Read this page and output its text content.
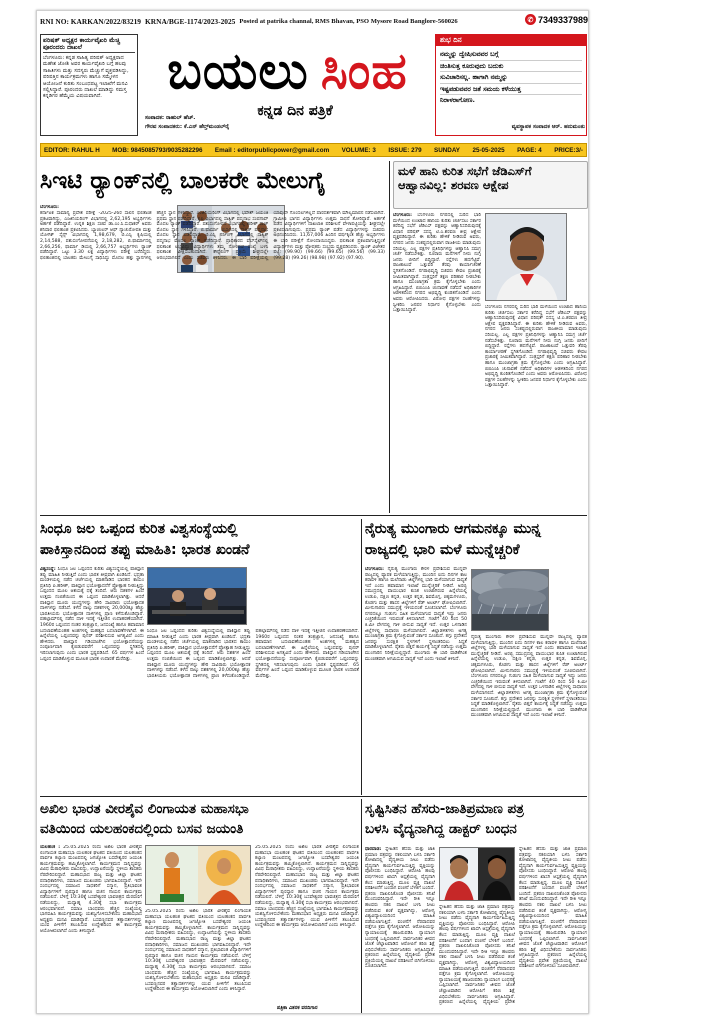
RNI NO: KARKAN/2022/83219 KRNA/BGE-1174/2023-2025 Posted at patrika channal, RMS Bhavan, PSO Mysore Road Banglore-560026	✆ 7349337989
ಪರಿಷತ್ ಅಧ್ಯಕ್ಷರ ಕಾರ್ಯವೈಖರಿ ಮೆಚ್ಚಿ ಪೂರಂದರು ದಾಖಲೆ
ಬೆಂಗಳೂರು: ಕನ್ನಡ ಸಾಹಿತ್ಯ ಪರಿಷತ್ ಅಧ್ಯಕ್ಷರಾದ ಮಹೇಶ ಜೋಶಿ ಅವರ ಕಾರ್ಯವೈಖರಿ ಬಗ್ಗೆ ಹಲವು ಸಾಹಿತಿಗಳು ಮತ್ತು ಸದಸ್ಯರು ಮೆಚ್ಚುಗೆ ವ್ಯಕ್ತಪಡಿಸಿದ್ದು, ಪರಿಷತ್ತಿನ ಕಾರ್ಯಕ್ರಮಗಳು ಹಾಗೂ ಸಮ್ಮೇಳನ ಆಯೋಜನೆ ಕುರಿತು ಸಂಬಂಧಪಟ್ಟ ಇಲಾಖೆಗೆ ಮನವಿ ಸಲ್ಲಿಸಿದ್ದಾರೆ. ಪೂರಂದರು ದಾಖಲೆ ಮಾಡಿದ್ದು ಸಮಸ್ತ ಕನ್ನಡಿಗರ ಹೆಮ್ಮೆಯ ವಿಷಯವಾಗಿದೆ.	ಬಯಲು ಸಿಂಹ
ಕನ್ನಡ ದಿನ ಪತ್ರಿಕೆ
ಸಂಪಾದಕ: ರಾಹುಲ್ ಹೆಚ್.
ಗೌರವ ಸಂಪಾದಕರು: ಕೆ.ಎನ್ ಹೆಲ್ತ್‌ಮಂಡಲ್‌ರೈ	ವ್ಯವಸ್ಥಾಪಕ ಸಂಪಾದಕ ಆರ್. ಹನುಮಂತು
ಶುಭ ದಿನ
ನಮ್ಮನ್ನು ದ್ವೇಷಿಸುವವರ ಬಗ್ಗೆ
ಚಿಂತಿಸುತ್ತ ಕೂರುವುದು ಬದುಕು
ಸುವಿಚಾರಿಸಲ್ಲ. ಹಾಗಾಗಿ ನಮ್ಮನ್ನು
ಇಷ್ಟಪಡುವವರ ಜತೆ ಸಮಯ ಕಳೆಯುತ್ತ
ನಿರಾಳರಾಗೋಣ.
EDITOR: RAHUL H MOB: 9845085793/9035282296 Email : editorpublicpower@gmail.com VOLUME: 3 ISSUE: 279 SUNDAY 25-05-2025 PAGE: 4 PRICE:3/-
ಸಿಇಟಿ ರ್‍ಯಾಂಕ್‌ನಲ್ಲಿ ಬಾಲಕರೇ ಮೇಲುಗೈ

ಬೆಂಗಳೂರು:

ಕರ್ನಾಟಕ ಸಾಮಾನ್ಯ ಪ್ರವೇಶ ಪರೀಕ್ಷೆ -2025-26ರ ಸಾಲಿನ ಫಲಿತಾಂಶ ಪ್ರಕಟವಾಗಿದ್ದು, ಎಂಜಿನಿಯರಿಂಗ್ ವಿಭಾಗದಲ್ಲಿ 2,62,195 ಅಭ್ಯರ್ಥಿಗಳು ಅರ್ಹತೆ ಪಡೆದಿದ್ದಾರೆ. ಉನ್ನತ ಶಿಕ್ಷಣ ಸಚಿವ ಡಾ.ಎಂ.ಸಿ.ಸುಧಾಕರ್ ಅವರು ಶನಿವಾರ ಫಲಿತಾಂಶ ಪ್ರಕಟಿಸಿದರು. ಬ್ಯಾಚುಲರ್ ಆಫ್ ನ್ಯಾಚುರೋಪತಿ ಮತ್ತು ಯೋಗಿಕ್ ಸೈನ್ಸ್ ವಿಭಾಗದಲ್ಲಿ 1,98,679, ಬಿ.ಎಸ್ಸಿ ಕೃಷಿಯಲ್ಲಿ 2,14,588, ಪಶುಸಂಗೋಪನೆಯಲ್ಲಿ 2,18,282, ಬಿ.ಫಾರ್ಮಾದಲ್ಲಿ 2,66,256, ಫಾರ್ಮಾ ಡಿಯಲ್ಲಿ 2,66,757 ಅಭ್ಯರ್ಥಿಗಳು ರ್‍ಯಾಂಕ್ ಪಡೆದಿದ್ದಾರೆ. ಒಟ್ಟು 3.30 ಲಕ್ಷ ವಿದ್ಯಾರ್ಥಿಗಳು ಪರೀಕ್ಷೆ ಬರೆದಿದ್ದರು. ಫಲಿತಾಂಶದಲ್ಲಿ ಬಾಲಕರು ಮೇಲುಗೈ ಸಾಧಿಸಿದ್ದು ಮೊದಲ ಹತ್ತು ಸ್ಥಾನಗಳಲ್ಲಿ ಹೆಚ್ಚಿನ ಸ್ಥಾನ ಗಳಿಸಿದ್ದಾರೆ. ಎಂಜಿನಿಯರಿಂಗ್ ವಿಭಾಗದಲ್ಲಿ ಭವೇಶ್ ಜಯಂತಿ ಪ್ರಥಮ ಸ್ಥಾನ ಪಡೆದಿದ್ದಾರೆ. ಕೃಷಿ ವಿಭಾಗದಲ್ಲಿ ಸಾತ್ವಿಕ್ ಪದ್ಮನಾಭ ಸಂಪಗಾವ್ ಮೊದಲ ರ್‍ಯಾಂಕ್ ಪಡೆದಿದ್ದಾರೆ. ಪಶುಸಂಗೋಪನೆ ವಿಭಾಗದಲ್ಲಿ ಹರೀಶ್ ರಾಜ್ ಮೊದಲ ಸ್ಥಾನ ಗಳಿಸಿದ್ದಾರೆ. ಬಿ.ಫಾರ್ಮಾ ವಿಭಾಗದಲ್ಲಿ ಸಾತ್ವಿಕ್ ಪದ್ಮನಾಭ ಮೊದಲ ಸ್ಥಾನ ಪಡೆದಿದ್ದಾರೆ. ಬಿ.ಎಸ್ಸಿ ನರ್ಸಿಂಗ್ ವಿಭಾಗದಲ್ಲಿ ಸಾತ್ವಿಕ್ ಪದ್ಮನಾಭ ಮೊದಲ ರ್‍ಯಾಂಕ್ ಪಡೆದಿದ್ದಾರೆ. ಪ್ರಾಧಿಕಾರದ ವೆಬ್‌ಸೈಟ್‌ನಲ್ಲಿ ಫಲಿತಾಂಶ ಲಭ್ಯವಿದ್ದು ವಿದ್ಯಾರ್ಥಿಗಳು ತಮ್ಮ ನೋಂದಣಿ ಸಂಖ್ಯೆ ಬಳಸಿ ಫಲಿತಾಂಶ ವೀಕ್ಷಿಸಬಹುದಾಗಿದೆ. ಕೌನ್ಸೆಲಿಂಗ್ ಪ್ರಕ್ರಿಯೆ ಶೀಘ್ರದಲ್ಲೇ ಆರಂಭವಾಗಲಿದೆ ಎಂದು ಸಚಿವರು ತಿಳಿಸಿದರು. ಈ ಬಾರಿ ಪರೀಕ್ಷೆಯಲ್ಲಿ ಯಾವುದೇ ಗೊಂದಲಗಳಿಲ್ಲದೆ ಪಾರದರ್ಶಕವಾಗಿ ಮೌಲ್ಯಮಾಪನ ನಡೆಸಲಾಗಿದೆ. ಗ್ರಾಮೀಣ ಭಾಗದ ವಿದ್ಯಾರ್ಥಿಗಳು ಉತ್ತಮ ಸಾಧನೆ ತೋರಿದ್ದಾರೆ. ಅರ್ಹತೆ ಪಡೆದ ವಿದ್ಯಾರ್ಥಿಗಳಿಗೆ ದಾಖಲಾತಿ ಪರಿಶೀಲನೆ ವೇಳಾಪಟ್ಟಿಯನ್ನು ಶೀಘ್ರದಲ್ಲೇ ಪ್ರಕಟಿಸಲಾಗುವುದು. ಪ್ರಥಮ ರ್‍ಯಾಂಕ್ ಪಡೆದ ವಿದ್ಯಾರ್ಥಿಗಳನ್ನು ಸಚಿವರು ಅಭಿನಂದಿಸಿದರು. 11,67,006 ಹಿಂದಿನ ವರ್ಷಕ್ಕಿಂತ ಹೆಚ್ಚು ಅಭ್ಯರ್ಥಿಗಳು ಈ ಬಾರಿ ಪರೀಕ್ಷೆಗೆ ನೋಂದಾಯಿಸಿದ್ದರು. ಫಲಿತಾಂಶ ಪ್ರಕಟವಾಗುತ್ತಿದ್ದಂತೆ ವಿದ್ಯಾರ್ಥಿಗಳು ಮತ್ತು ಪೋಷಕರು ಸಂಭ್ರಮ ವ್ಯಕ್ತಪಡಿಸಿದರು. ರ್‍ಯಾಂಕ್ ವಿಜೇತರ ಪಟ್ಟಿ: (99.90) (99.66) (99.65) (99.56) (99.33) (99.28) (99.26) (98.98) (97.92) (97.90).

ಮಳೆ ಹಾನಿ ಕುರಿತ ಸಭೆಗೆ ಜೆಡಿಎಸ್‌ಗೆ ಆಹ್ವಾನವಿಲ್ಲ: ಶರವಣ ಆಕ್ಷೇಪ

ಬೆಂಗಳೂರು: ಬೆಂಗಳೂರು ನಗರದಲ್ಲಿ ಸುರಿದ ಭಾರಿ ಮಳೆಯಿಂದ ಉಂಟಾದ ಹಾನಿಯ ಕುರಿತು ಚರ್ಚಿಸಲು ಸರ್ಕಾರ ಕರೆದಿದ್ದ ಸಭೆಗೆ ಜೆಡಿಎಸ್ ಪಕ್ಷವನ್ನು ಆಹ್ವಾನಿಸದಿರುವುದಕ್ಕೆ ವಿಧಾನ ಪರಿಷತ್ ಸದಸ್ಯ ಟಿ.ಎ.ಶರವಣ ತೀವ್ರ ಆಕ್ಷೇಪ ವ್ಯಕ್ತಪಡಿಸಿದ್ದಾರೆ. ಈ ಕುರಿತು ಹೇಳಿಕೆ ನೀಡಿರುವ ಅವರು, ನಗರದ ಜನರು ಸಂಕಷ್ಟದಲ್ಲಿರುವಾಗ ರಾಜಕೀಯ ಮಾಡುವುದು ಸರಿಯಲ್ಲ. ಎಲ್ಲ ಪಕ್ಷಗಳ ಪ್ರತಿನಿಧಿಗಳನ್ನು ಆಹ್ವಾನಿಸಿ ಸಮಗ್ರ ಚರ್ಚೆ ನಡೆಸಬೇಕಿತ್ತು. ನೂರಾರು ಮನೆಗಳಿಗೆ ನೀರು ನುಗ್ಗಿ ಜನರು ಬೀದಿಗೆ ಬಿದ್ದಿದ್ದಾರೆ. ರಸ್ತೆಗಳು ಹದಗೆಟ್ಟಿವೆ. ರಾಜಕಾಲುವೆ ಒತ್ತುವರಿ ತೆರವು ಕಾರ್ಯಾಚರಣೆ ಸ್ಥಗಿತಗೊಂಡಿದೆ. ನಗರಾಭಿವೃದ್ಧಿ ಸಚಿವರು ಕೇವಲ ಪ್ರಚಾರಕ್ಕೆ ಸೀಮಿತವಾಗಿದ್ದಾರೆ. ಸಂತ್ರಸ್ತರಿಗೆ ತಕ್ಷಣ ಪರಿಹಾರ ನೀಡಬೇಕು ಹಾಗೂ ಮುಂಜಾಗ್ರತಾ ಕ್ರಮ ಕೈಗೊಳ್ಳಬೇಕು ಎಂದು ಆಗ್ರಹಿಸಿದ್ದಾರೆ. ಬಿಬಿಎಂಪಿ ಚುನಾವಣೆ ನಡೆಸದೆ ಅಧಿಕಾರಿಗಳ ಆಡಳಿತದಿಂದ ನಗರದ ಅಭಿವೃದ್ಧಿ ಕುಂಠಿತಗೊಂಡಿದೆ ಎಂದು ಅವರು ಆರೋಪಿಸಿದರು. ವಿರೋಧ ಪಕ್ಷಗಳ ಸಲಹೆಗಳನ್ನು ಸ್ವೀಕರಿಸಿ ಜನಪರ ನಿರ್ಧಾರ ಕೈಗೊಳ್ಳಬೇಕು ಎಂದು ಒತ್ತಾಯಿಸಿದ್ದಾರೆ.

ಬೆಂಗಳೂರು ನಗರದಲ್ಲಿ ಸುರಿದ ಭಾರಿ ಮಳೆಯಿಂದ ಉಂಟಾದ ಹಾನಿಯ ಕುರಿತು ಚರ್ಚಿಸಲು ಸರ್ಕಾರ ಕರೆದಿದ್ದ ಸಭೆಗೆ ಜೆಡಿಎಸ್ ಪಕ್ಷವನ್ನು ಆಹ್ವಾನಿಸದಿರುವುದಕ್ಕೆ ವಿಧಾನ ಪರಿಷತ್ ಸದಸ್ಯ ಟಿ.ಎ.ಶರವಣ ತೀವ್ರ ಆಕ್ಷೇಪ ವ್ಯಕ್ತಪಡಿಸಿದ್ದಾರೆ. ಈ ಕುರಿತು ಹೇಳಿಕೆ ನೀಡಿರುವ ಅವರು, ನಗರದ ಜನರು ಸಂಕಷ್ಟದಲ್ಲಿರುವಾಗ ರಾಜಕೀಯ ಮಾಡುವುದು ಸರಿಯಲ್ಲ. ಎಲ್ಲ ಪಕ್ಷಗಳ ಪ್ರತಿನಿಧಿಗಳನ್ನು ಆಹ್ವಾನಿಸಿ ಸಮಗ್ರ ಚರ್ಚೆ ನಡೆಸಬೇಕಿತ್ತು. ನೂರಾರು ಮನೆಗಳಿಗೆ ನೀರು ನುಗ್ಗಿ ಜನರು ಬೀದಿಗೆ ಬಿದ್ದಿದ್ದಾರೆ. ರಸ್ತೆಗಳು ಹದಗೆಟ್ಟಿವೆ. ರಾಜಕಾಲುವೆ ಒತ್ತುವರಿ ತೆರವು ಕಾರ್ಯಾಚರಣೆ ಸ್ಥಗಿತಗೊಂಡಿದೆ. ನಗರಾಭಿವೃದ್ಧಿ ಸಚಿವರು ಕೇವಲ ಪ್ರಚಾರಕ್ಕೆ ಸೀಮಿತವಾಗಿದ್ದಾರೆ. ಸಂತ್ರಸ್ತರಿಗೆ ತಕ್ಷಣ ಪರಿಹಾರ ನೀಡಬೇಕು ಹಾಗೂ ಮುಂಜಾಗ್ರತಾ ಕ್ರಮ ಕೈಗೊಳ್ಳಬೇಕು ಎಂದು ಆಗ್ರಹಿಸಿದ್ದಾರೆ. ಬಿಬಿಎಂಪಿ ಚುನಾವಣೆ ನಡೆಸದೆ ಅಧಿಕಾರಿಗಳ ಆಡಳಿತದಿಂದ ನಗರದ ಅಭಿವೃದ್ಧಿ ಕುಂಠಿತಗೊಂಡಿದೆ ಎಂದು ಅವರು ಆರೋಪಿಸಿದರು. ವಿರೋಧ ಪಕ್ಷಗಳ ಸಲಹೆಗಳನ್ನು ಸ್ವೀಕರಿಸಿ ಜನಪರ ನಿರ್ಧಾರ ಕೈಗೊಳ್ಳಬೇಕು ಎಂದು ಒತ್ತಾಯಿಸಿದ್ದಾರೆ.

ಸಿಂಧೂ ಜಲ ಒಪ್ಪಂದ ಕುರಿತ ವಿಶ್ವಸಂಸ್ಥೆಯಲ್ಲಿ
ಪಾಕಿಸ್ತಾನದಿಂದ ತಪ್ಪು ಮಾಹಿತಿ: ಭಾರತ ಖಂಡನೆ

ವಿಶ್ವಸಂಸ್ಥೆ: ಸಿಂಧೂ ಜಲ ಒಪ್ಪಂದದ ಕುರಿತು ವಿಶ್ವಸಂಸ್ಥೆಯಲ್ಲಿ ಪಾಕಿಸ್ತಾನ ತಪ್ಪು ಮಾಹಿತಿ ನೀಡುತ್ತಿದೆ ಎಂದು ಭಾರತ ತೀವ್ರವಾಗಿ ಖಂಡಿಸಿದೆ. ಭದ್ರತಾ ಮಂಡಳಿಯಲ್ಲಿ ನಡೆದ ಚರ್ಚೆಯಲ್ಲಿ ಮಾತನಾಡಿದ ಭಾರತದ ಕಾಯಂ ಪ್ರತಿನಿಧಿ ಪಿ.ಹರೀಶ್, ಪಾಕಿಸ್ತಾನ ಭಯೋತ್ಪಾದನೆಗೆ ಪ್ರೋತ್ಸಾಹ ನೀಡುತ್ತಿದ್ದು ಒಪ್ಪಂದದ ಮೂಲ ಆಶಯಕ್ಕೆ ಧಕ್ಕೆ ತಂದಿದೆ. ಆರು ದಶಕಗಳ ಹಿಂದೆ ಉತ್ತಮ ನಂಬಿಕೆಯಿಂದ ಈ ಒಪ್ಪಂದ ಮಾಡಿಕೊಳ್ಳಲಾಗಿತ್ತು. ಆದರೆ ಪಾಕಿಸ್ತಾನ ಮೂರು ಯುದ್ಧಗಳನ್ನು ಹೇರಿ ಸಾವಿರಾರು ಭಯೋತ್ಪಾದಕ ದಾಳಿಗಳನ್ನು ನಡೆಸಿದೆ. ಕಳೆದ ನಾಲ್ಕು ದಶಕಗಳಲ್ಲಿ 20,000ಕ್ಕೂ ಹೆಚ್ಚು ಭಾರತೀಯರು ಭಯೋತ್ಪಾದಕ ದಾಳಿಗಳಲ್ಲಿ ಪ್ರಾಣ ಕಳೆದುಕೊಂಡಿದ್ದಾರೆ. ಪಹಲ್ಗಾಮ್‌ನಲ್ಲಿ ನಡೆದ ದಾಳಿ ಇದಕ್ಕೆ ಇತ್ತೀಚಿನ ಉದಾಹರಣೆಯಾಗಿದೆ. 1960ರ ಒಪ್ಪಂದದ ನಂತರ ತಂತ್ರಜ್ಞಾನ, ಜನಸಂಖ್ಯೆ ಹಾಗೂ ಹವಾಮಾನ ಬದಲಾವಣೆಯಂತಹ ಅಂಶಗಳಲ್ಲಿ ಮಹತ್ವದ ಬದಲಾವಣೆಗಳಾಗಿವೆ. ಈ ಹಿನ್ನೆಲೆಯಲ್ಲಿ ಒಪ್ಪಂದವನ್ನು ಪುನರ್ ಪರಿಶೀಲಿಸುವ ಅಗತ್ಯವಿದೆ ಎಂದು ಹೇಳಿದರು. ಪಾಕಿಸ್ತಾನ ಗಡಿಯಾಚೆಗಿನ ಭಯೋತ್ಪಾದನೆಯನ್ನು ಸಂಪೂರ್ಣವಾಗಿ ಕೈಬಿಡುವವರೆಗೆ ಒಪ್ಪಂದವನ್ನು ಸ್ಥಗಿತದಲ್ಲಿ ಇರಿಸಲಾಗುವುದು ಎಂದು ಭಾರತ ಸ್ಪಷ್ಟಪಡಿಸಿದೆ. 65 ವರ್ಷಗಳ ಹಿಂದೆ ಒಪ್ಪಂದ ಮಾಡಿಕೊಳ್ಳುವ ಮೂಲಕ ಭಾರತ ಉದಾರತೆ ಮೆರೆದಿತ್ತು.

ಸಿಂಧೂ ಜಲ ಒಪ್ಪಂದದ ಕುರಿತು ವಿಶ್ವಸಂಸ್ಥೆಯಲ್ಲಿ ಪಾಕಿಸ್ತಾನ ತಪ್ಪು ಮಾಹಿತಿ ನೀಡುತ್ತಿದೆ ಎಂದು ಭಾರತ ತೀವ್ರವಾಗಿ ಖಂಡಿಸಿದೆ. ಭದ್ರತಾ ಮಂಡಳಿಯಲ್ಲಿ ನಡೆದ ಚರ್ಚೆಯಲ್ಲಿ ಮಾತನಾಡಿದ ಭಾರತದ ಕಾಯಂ ಪ್ರತಿನಿಧಿ ಪಿ.ಹರೀಶ್, ಪಾಕಿಸ್ತಾನ ಭಯೋತ್ಪಾದನೆಗೆ ಪ್ರೋತ್ಸಾಹ ನೀಡುತ್ತಿದ್ದು ಒಪ್ಪಂದದ ಮೂಲ ಆಶಯಕ್ಕೆ ಧಕ್ಕೆ ತಂದಿದೆ. ಆರು ದಶಕಗಳ ಹಿಂದೆ ಉತ್ತಮ ನಂಬಿಕೆಯಿಂದ ಈ ಒಪ್ಪಂದ ಮಾಡಿಕೊಳ್ಳಲಾಗಿತ್ತು. ಆದರೆ ಪಾಕಿಸ್ತಾನ ಮೂರು ಯುದ್ಧಗಳನ್ನು ಹೇರಿ ಸಾವಿರಾರು ಭಯೋತ್ಪಾದಕ ದಾಳಿಗಳನ್ನು ನಡೆಸಿದೆ. ಕಳೆದ ನಾಲ್ಕು ದಶಕಗಳಲ್ಲಿ 20,000ಕ್ಕೂ ಹೆಚ್ಚು ಭಾರತೀಯರು ಭಯೋತ್ಪಾದಕ ದಾಳಿಗಳಲ್ಲಿ ಪ್ರಾಣ ಕಳೆದುಕೊಂಡಿದ್ದಾರೆ. ಪಹಲ್ಗಾಮ್‌ನಲ್ಲಿ ನಡೆದ ದಾಳಿ ಇದಕ್ಕೆ ಇತ್ತೀಚಿನ ಉದಾಹರಣೆಯಾಗಿದೆ. 1960ರ ಒಪ್ಪಂದದ ನಂತರ ತಂತ್ರಜ್ಞಾನ, ಜನಸಂಖ್ಯೆ ಹಾಗೂ ಹವಾಮಾನ ಬದಲಾವಣೆಯಂತಹ ಅಂಶಗಳಲ್ಲಿ ಮಹತ್ವದ ಬದಲಾವಣೆಗಳಾಗಿವೆ. ಈ ಹಿನ್ನೆಲೆಯಲ್ಲಿ ಒಪ್ಪಂದವನ್ನು ಪುನರ್ ಪರಿಶೀಲಿಸುವ ಅಗತ್ಯವಿದೆ ಎಂದು ಹೇಳಿದರು. ಪಾಕಿಸ್ತಾನ ಗಡಿಯಾಚೆಗಿನ ಭಯೋತ್ಪಾದನೆಯನ್ನು ಸಂಪೂರ್ಣವಾಗಿ ಕೈಬಿಡುವವರೆಗೆ ಒಪ್ಪಂದವನ್ನು ಸ್ಥಗಿತದಲ್ಲಿ ಇರಿಸಲಾಗುವುದು ಎಂದು ಭಾರತ ಸ್ಪಷ್ಟಪಡಿಸಿದೆ. 65 ವರ್ಷಗಳ ಹಿಂದೆ ಒಪ್ಪಂದ ಮಾಡಿಕೊಳ್ಳುವ ಮೂಲಕ ಭಾರತ ಉದಾರತೆ ಮೆರೆದಿತ್ತು.

ನೈರುತ್ಯ ಮುಂಗಾರು ಆಗಮನಕ್ಕೂ ಮುನ್ನ
ರಾಜ್ಯದಲ್ಲಿ ಭಾರಿ ಮಳೆ ಮುನ್ನೆಚ್ಚರಿಕೆ

ಬೆಂಗಳೂರು: ನೈರುತ್ಯ ಮುಂಗಾರು ಕೇರಳ ಪ್ರವೇಶಿಸುವ ಮುನ್ನವೇ ರಾಜ್ಯದಲ್ಲಿ ವ್ಯಾಪಕ ಮಳೆಯಾಗುತ್ತಿದ್ದು, ಮುಂದಿನ ಐದು ದಿನಗಳ ಕಾಲ ಕರಾವಳಿ ಹಾಗೂ ಮಲೆನಾಡು ಜಿಲ್ಲೆಗಳಲ್ಲಿ ಭಾರಿ ಮಳೆಯಾಗುವ ಸಾಧ್ಯತೆ ಇದೆ ಎಂದು ಹವಾಮಾನ ಇಲಾಖೆ ಮುನ್ನೆಚ್ಚರಿಕೆ ನೀಡಿದೆ. ಅರಬ್ಬಿ ಸಮುದ್ರದಲ್ಲಿ ವಾಯುಭಾರ ಕುಸಿತ ಉಂಟಾಗಿರುವ ಹಿನ್ನೆಲೆಯಲ್ಲಿ ಉಡುಪಿ, ದಕ್ಷಿಣ ಕನ್ನಡ, ಉತ್ತರ ಕನ್ನಡ, ಶಿವಮೊಗ್ಗ, ಚಿಕ್ಕಮಗಳೂರು, ಕೊಡಗು ಮತ್ತು ಹಾಸನ ಜಿಲ್ಲೆಗಳಿಗೆ ರೆಡ್ ಅಲರ್ಟ್ ಘೋಷಿಸಲಾಗಿದೆ. ಮೀನುಗಾರರು ಸಮುದ್ರಕ್ಕೆ ಇಳಿಯದಂತೆ ಸೂಚಿಸಲಾಗಿದೆ. ಬೆಂಗಳೂರು ನಗರದಲ್ಲೂ ಗುಡುಗು ಸಹಿತ ಮಳೆಯಾಗುವ ಸಾಧ್ಯತೆ ಇದ್ದು ಜನರು ಎಚ್ಚರಿಕೆಯಿಂದ ಇರುವಂತೆ ತಿಳಿಸಲಾಗಿದೆ. ಗಂಟೆಗೆ 40 ರಿಂದ 50 ಕಿ.ಮೀ ವೇಗದಲ್ಲಿ ಗಾಳಿ ಬೀಸುವ ಸಾಧ್ಯತೆ ಇದೆ. ಉತ್ತರ ಒಳನಾಡಿನ ಜಿಲ್ಲೆಗಳಲ್ಲಿ ಸಾಧಾರಣ ಮಳೆಯಾಗಲಿದೆ. ಜಿಲ್ಲಾಡಳಿತಗಳು ಅಗತ್ಯ ಮುಂಜಾಗ್ರತಾ ಕ್ರಮ ಕೈಗೊಳ್ಳುವಂತೆ ಸರ್ಕಾರ ಸೂಚಿಸಿದೆ. ತಗ್ಗು ಪ್ರದೇಶದ ಜನರನ್ನು ಸುರಕ್ಷಿತ ಸ್ಥಳಗಳಿಗೆ ಸ್ಥಳಾಂತರಿಸಲು ಸಿದ್ಧತೆ ಮಾಡಿಕೊಳ್ಳಲಾಗಿದೆ. ರೈತರು ಬಿತ್ತನೆ ಕಾರ್ಯಕ್ಕೆ ಸಿದ್ಧತೆ ನಡೆಸಿದ್ದು ಉತ್ತಮ ಮುಂಗಾರಿನ ನಿರೀಕ್ಷೆಯಲ್ಲಿದ್ದಾರೆ. ಮುಂಗಾರು ಈ ಬಾರಿ ವಾಡಿಕೆಗಿಂತ ಮುಂಚಿತವಾಗಿ ಆಗಮಿಸುವ ಸಾಧ್ಯತೆ ಇದೆ ಎಂದು ಇಲಾಖೆ ತಿಳಿಸಿದೆ.

ನೈರುತ್ಯ ಮುಂಗಾರು ಕೇರಳ ಪ್ರವೇಶಿಸುವ ಮುನ್ನವೇ ರಾಜ್ಯದಲ್ಲಿ ವ್ಯಾಪಕ ಮಳೆಯಾಗುತ್ತಿದ್ದು, ಮುಂದಿನ ಐದು ದಿನಗಳ ಕಾಲ ಕರಾವಳಿ ಹಾಗೂ ಮಲೆನಾಡು ಜಿಲ್ಲೆಗಳಲ್ಲಿ ಭಾರಿ ಮಳೆಯಾಗುವ ಸಾಧ್ಯತೆ ಇದೆ ಎಂದು ಹವಾಮಾನ ಇಲಾಖೆ ಮುನ್ನೆಚ್ಚರಿಕೆ ನೀಡಿದೆ. ಅರಬ್ಬಿ ಸಮುದ್ರದಲ್ಲಿ ವಾಯುಭಾರ ಕುಸಿತ ಉಂಟಾಗಿರುವ ಹಿನ್ನೆಲೆಯಲ್ಲಿ ಉಡುಪಿ, ದಕ್ಷಿಣ ಕನ್ನಡ, ಉತ್ತರ ಕನ್ನಡ, ಶಿವಮೊಗ್ಗ, ಚಿಕ್ಕಮಗಳೂರು, ಕೊಡಗು ಮತ್ತು ಹಾಸನ ಜಿಲ್ಲೆಗಳಿಗೆ ರೆಡ್ ಅಲರ್ಟ್ ಘೋಷಿಸಲಾಗಿದೆ. ಮೀನುಗಾರರು ಸಮುದ್ರಕ್ಕೆ ಇಳಿಯದಂತೆ ಸೂಚಿಸಲಾಗಿದೆ. ಬೆಂಗಳೂರು ನಗರದಲ್ಲೂ ಗುಡುಗು ಸಹಿತ ಮಳೆಯಾಗುವ ಸಾಧ್ಯತೆ ಇದ್ದು ಜನರು ಎಚ್ಚರಿಕೆಯಿಂದ ಇರುವಂತೆ ತಿಳಿಸಲಾಗಿದೆ. ಗಂಟೆಗೆ 40 ರಿಂದ 50 ಕಿ.ಮೀ ವೇಗದಲ್ಲಿ ಗಾಳಿ ಬೀಸುವ ಸಾಧ್ಯತೆ ಇದೆ. ಉತ್ತರ ಒಳನಾಡಿನ ಜಿಲ್ಲೆಗಳಲ್ಲಿ ಸಾಧಾರಣ ಮಳೆಯಾಗಲಿದೆ. ಜಿಲ್ಲಾಡಳಿತಗಳು ಅಗತ್ಯ ಮುಂಜಾಗ್ರತಾ ಕ್ರಮ ಕೈಗೊಳ್ಳುವಂತೆ ಸರ್ಕಾರ ಸೂಚಿಸಿದೆ. ತಗ್ಗು ಪ್ರದೇಶದ ಜನರನ್ನು ಸುರಕ್ಷಿತ ಸ್ಥಳಗಳಿಗೆ ಸ್ಥಳಾಂತರಿಸಲು ಸಿದ್ಧತೆ ಮಾಡಿಕೊಳ್ಳಲಾಗಿದೆ. ರೈತರು ಬಿತ್ತನೆ ಕಾರ್ಯಕ್ಕೆ ಸಿದ್ಧತೆ ನಡೆಸಿದ್ದು ಉತ್ತಮ ಮುಂಗಾರಿನ ನಿರೀಕ್ಷೆಯಲ್ಲಿದ್ದಾರೆ. ಮುಂಗಾರು ಈ ಬಾರಿ ವಾಡಿಕೆಗಿಂತ ಮುಂಚಿತವಾಗಿ ಆಗಮಿಸುವ ಸಾಧ್ಯತೆ ಇದೆ ಎಂದು ಇಲಾಖೆ ತಿಳಿಸಿದೆ.

ಅಖಿಲ ಭಾರತ ವೀರಶೈವ ಲಿಂಗಾಯತ ಮಹಾಸಭಾ
ವತಿಯಿಂದ ಯಲಹಂಕದಲ್ಲಿಂದು ಬಸವ ಜಯಂತಿ

ಯಲಹಂಕ : 25.05.2025 ರಂದು ಅಖಿಲ ಭಾರತ ವೀರಶೈವ ಲಿಂಗಾಯತ ಮಹಾಸಭಾ ಯಲಹಂಕ ಘಟಕದ ವತಿಯಿಂದ ಯಲಹಂಕದ ಪಾರ್ವತಿ ಕಲ್ಯಾಣ ಮಂಟಪದಲ್ಲಿ ಜಗಜ್ಯೋತಿ ಬಸವೇಶ್ವರರ ಜಯಂತಿ ಕಾರ್ಯಕ್ರಮವನ್ನು ಹಮ್ಮಿಕೊಳ್ಳಲಾಗಿದೆ. ಕಾರ್ಯಕ್ರಮದ ಸಾನ್ನಿಧ್ಯವನ್ನು ವಿವಿಧ ಮಠಾಧೀಶರು ವಹಿಸಲಿದ್ದು, ಉದ್ಘಾಟನೆಯನ್ನು ಸ್ಥಳೀಯ ಶಾಸಕರು ನೆರವೇರಿಸಲಿದ್ದಾರೆ. ಮಹಾಸಭಾದ ರಾಜ್ಯ ಮತ್ತು ಜಿಲ್ಲಾ ಘಟಕದ ಪದಾಧಿಕಾರಿಗಳು, ಸಮಾಜದ ಮುಖಂಡರು ಭಾಗವಹಿಸಲಿದ್ದಾರೆ. ಇದೇ ಸಂದರ್ಭದಲ್ಲಿ ಸಮಾಜದ ಸಾಧಕರಿಗೆ ಸನ್ಮಾನ, ಪ್ರತಿಭಾವಂತ ವಿದ್ಯಾರ್ಥಿಗಳಿಗೆ ಪುರಸ್ಕಾರ ಹಾಗೂ ವಚನ ಗಾಯನ ಕಾರ್ಯಕ್ರಮ ನಡೆಯಲಿದೆ. ಬೆಳಿಗ್ಗೆ 10:30ಕ್ಕೆ ಬಸವೇಶ್ವರರ ಭಾವಚಿತ್ರದ ಮೆರವಣಿಗೆ ನಡೆಯಲಿದ್ದು, ಮಧ್ಯಾಹ್ನ 4.30ಕ್ಕೆ ಸಭಾ ಕಾರ್ಯಕ್ರಮ ಆರಂಭವಾಗಲಿದೆ. ಸಮಾಜ ಬಾಂಧವರು ಹೆಚ್ಚಿನ ಸಂಖ್ಯೆಯಲ್ಲಿ ಭಾಗವಹಿಸಿ ಕಾರ್ಯಕ್ರಮವನ್ನು ಯಶಸ್ವಿಗೊಳಿಸಬೇಕೆಂದು ಮಹಾಸಭಾದ ಅಧ್ಯಕ್ಷರು ಮನವಿ ಮಾಡಿದ್ದಾರೆ. ಬಸವಣ್ಣನವರ ತತ್ವಾದರ್ಶಗಳನ್ನು ಯುವ ಪೀಳಿಗೆಗೆ ತಲುಪಿಸುವ ಉದ್ದೇಶದಿಂದ ಈ ಕಾರ್ಯಕ್ರಮ ಆಯೋಜಿಸಲಾಗಿದೆ ಎಂದು ತಿಳಿಸಿದ್ದಾರೆ.

25.05.2025 ರಂದು ಅಖಿಲ ಭಾರತ ವೀರಶೈವ ಲಿಂಗಾಯತ ಮಹಾಸಭಾ ಯಲಹಂಕ ಘಟಕದ ವತಿಯಿಂದ ಯಲಹಂಕದ ಪಾರ್ವತಿ ಕಲ್ಯಾಣ ಮಂಟಪದಲ್ಲಿ ಜಗಜ್ಯೋತಿ ಬಸವೇಶ್ವರರ ಜಯಂತಿ ಕಾರ್ಯಕ್ರಮವನ್ನು ಹಮ್ಮಿಕೊಳ್ಳಲಾಗಿದೆ. ಕಾರ್ಯಕ್ರಮದ ಸಾನ್ನಿಧ್ಯವನ್ನು ವಿವಿಧ ಮಠಾಧೀಶರು ವಹಿಸಲಿದ್ದು, ಉದ್ಘಾಟನೆಯನ್ನು ಸ್ಥಳೀಯ ಶಾಸಕರು ನೆರವೇರಿಸಲಿದ್ದಾರೆ. ಮಹಾಸಭಾದ ರಾಜ್ಯ ಮತ್ತು ಜಿಲ್ಲಾ ಘಟಕದ ಪದಾಧಿಕಾರಿಗಳು, ಸಮಾಜದ ಮುಖಂಡರು ಭಾಗವಹಿಸಲಿದ್ದಾರೆ. ಇದೇ ಸಂದರ್ಭದಲ್ಲಿ ಸಮಾಜದ ಸಾಧಕರಿಗೆ ಸನ್ಮಾನ, ಪ್ರತಿಭಾವಂತ ವಿದ್ಯಾರ್ಥಿಗಳಿಗೆ ಪುರಸ್ಕಾರ ಹಾಗೂ ವಚನ ಗಾಯನ ಕಾರ್ಯಕ್ರಮ ನಡೆಯಲಿದೆ. ಬೆಳಿಗ್ಗೆ 10:30ಕ್ಕೆ ಬಸವೇಶ್ವರರ ಭಾವಚಿತ್ರದ ಮೆರವಣಿಗೆ ನಡೆಯಲಿದ್ದು, ಮಧ್ಯಾಹ್ನ 4.30ಕ್ಕೆ ಸಭಾ ಕಾರ್ಯಕ್ರಮ ಆರಂಭವಾಗಲಿದೆ. ಸಮಾಜ ಬಾಂಧವರು ಹೆಚ್ಚಿನ ಸಂಖ್ಯೆಯಲ್ಲಿ ಭಾಗವಹಿಸಿ ಕಾರ್ಯಕ್ರಮವನ್ನು ಯಶಸ್ವಿಗೊಳಿಸಬೇಕೆಂದು ಮಹಾಸಭಾದ ಅಧ್ಯಕ್ಷರು ಮನವಿ ಮಾಡಿದ್ದಾರೆ. ಬಸವಣ್ಣನವರ ತತ್ವಾದರ್ಶಗಳನ್ನು ಯುವ ಪೀಳಿಗೆಗೆ ತಲುಪಿಸುವ ಉದ್ದೇಶದಿಂದ ಈ ಕಾರ್ಯಕ್ರಮ ಆಯೋಜಿಸಲಾಗಿದೆ ಎಂದು ತಿಳಿಸಿದ್ದಾರೆ.

25.05.2025 ರಂದು ಅಖಿಲ ಭಾರತ ವೀರಶೈವ ಲಿಂಗಾಯತ ಮಹಾಸಭಾ ಯಲಹಂಕ ಘಟಕದ ವತಿಯಿಂದ ಯಲಹಂಕದ ಪಾರ್ವತಿ ಕಲ್ಯಾಣ ಮಂಟಪದಲ್ಲಿ ಜಗಜ್ಯೋತಿ ಬಸವೇಶ್ವರರ ಜಯಂತಿ ಕಾರ್ಯಕ್ರಮವನ್ನು ಹಮ್ಮಿಕೊಳ್ಳಲಾಗಿದೆ. ಕಾರ್ಯಕ್ರಮದ ಸಾನ್ನಿಧ್ಯವನ್ನು ವಿವಿಧ ಮಠಾಧೀಶರು ವಹಿಸಲಿದ್ದು, ಉದ್ಘಾಟನೆಯನ್ನು ಸ್ಥಳೀಯ ಶಾಸಕರು ನೆರವೇರಿಸಲಿದ್ದಾರೆ. ಮಹಾಸಭಾದ ರಾಜ್ಯ ಮತ್ತು ಜಿಲ್ಲಾ ಘಟಕದ ಪದಾಧಿಕಾರಿಗಳು, ಸಮಾಜದ ಮುಖಂಡರು ಭಾಗವಹಿಸಲಿದ್ದಾರೆ. ಇದೇ ಸಂದರ್ಭದಲ್ಲಿ ಸಮಾಜದ ಸಾಧಕರಿಗೆ ಸನ್ಮಾನ, ಪ್ರತಿಭಾವಂತ ವಿದ್ಯಾರ್ಥಿಗಳಿಗೆ ಪುರಸ್ಕಾರ ಹಾಗೂ ವಚನ ಗಾಯನ ಕಾರ್ಯಕ್ರಮ ನಡೆಯಲಿದೆ. ಬೆಳಿಗ್ಗೆ 10:30ಕ್ಕೆ ಬಸವೇಶ್ವರರ ಭಾವಚಿತ್ರದ ಮೆರವಣಿಗೆ ನಡೆಯಲಿದ್ದು, ಮಧ್ಯಾಹ್ನ 4.30ಕ್ಕೆ ಸಭಾ ಕಾರ್ಯಕ್ರಮ ಆರಂಭವಾಗಲಿದೆ. ಸಮಾಜ ಬಾಂಧವರು ಹೆಚ್ಚಿನ ಸಂಖ್ಯೆಯಲ್ಲಿ ಭಾಗವಹಿಸಿ ಕಾರ್ಯಕ್ರಮವನ್ನು ಯಶಸ್ವಿಗೊಳಿಸಬೇಕೆಂದು ಮಹಾಸಭಾದ ಅಧ್ಯಕ್ಷರು ಮನವಿ ಮಾಡಿದ್ದಾರೆ. ಬಸವಣ್ಣನವರ ತತ್ವಾದರ್ಶಗಳನ್ನು ಯುವ ಪೀಳಿಗೆಗೆ ತಲುಪಿಸುವ ಉದ್ದೇಶದಿಂದ ಈ ಕಾರ್ಯಕ್ರಮ ಆಯೋಜಿಸಲಾಗಿದೆ ಎಂದು ತಿಳಿಸಿದ್ದಾರೆ.

ಪತ್ರಿಕಾ ವಿತರಕ ವರದಿಗಾರ
ಸೃಷ್ಟಿಸಿತನ ಹೆಸರು-ಜಾತಿಪ್ರಮಾಣ ಪತ್ರ
ಬಳಸಿ ವೈದ್ಯನಾಗಿದ್ದ ಡಾಕ್ಟರ್ ಬಂಧನ

ಧಾರವಾಡ: ಸ್ನೇಹಿತನ ಹೆಸರು ಮತ್ತು ಜಾತಿ ಪ್ರಮಾಣ ಪತ್ರವನ್ನು ನಕಲಿಯಾಗಿ ಬಳಸಿ ಸರ್ಕಾರಿ ಕೋಟಾದಲ್ಲಿ ವೈದ್ಯಕೀಯ ಸೀಟು ಪಡೆದು ವೈದ್ಯನಾಗಿ ಕಾರ್ಯನಿರ್ವಹಿಸುತ್ತಿದ್ದ ವ್ಯಕ್ತಿಯನ್ನು ಪೊಲೀಸರು ಬಂಧಿಸಿದ್ದಾರೆ. ಆರೋಪಿ ಹಲವು ವರ್ಷಗಳಿಂದ ಖಾಸಗಿ ಆಸ್ಪತ್ರೆಯಲ್ಲಿ ವೈದ್ಯನಾಗಿ ಕೆಲಸ ಮಾಡುತ್ತಿದ್ದ. ಮೂಲ ವ್ಯಕ್ತಿ ದಾಖಲೆ ಪರಿಶೀಲನೆಗೆ ಬಂದಾಗ ವಂಚನೆ ಬೆಳಕಿಗೆ ಬಂದಿದೆ. ಪ್ರಕರಣ ದಾಖಲಿಸಿಕೊಂಡ ಪೊಲೀಸರು ತನಿಖೆ ಮುಂದುವರಿಸಿದ್ದಾರೆ. ಇದೇ ರೀತಿ ಇನ್ನೂ ಹಲವರು ನಕಲಿ ದಾಖಲೆ ಬಳಸಿ ಸೀಟು ಪಡೆದಿರುವ ಶಂಕೆ ವ್ಯಕ್ತವಾಗಿದ್ದು, ಆರೋಗ್ಯ ವಿಶ್ವವಿದ್ಯಾಲಯದಿಂದ ಮಾಹಿತಿ ಪಡೆಯಲಾಗುತ್ತಿದೆ. ವಂಚನೆಗೆ ನೆರವಾದವರ ಪತ್ತೆಗೂ ಕ್ರಮ ಕೈಗೊಳ್ಳಲಾಗಿದೆ. ಆರೋಪಿಯನ್ನು ನ್ಯಾಯಾಲಯಕ್ಕೆ ಹಾಜರುಪಡಿಸಿ ನ್ಯಾಯಾಂಗ ಬಂಧನಕ್ಕೆ ಒಪ್ಪಿಸಲಾಗಿದೆ. ಸಾರ್ವಜನಿಕರ ಜೀವದ ಜೊತೆ ಚೆಲ್ಲಾಟವಾಡಿದ ಆರೋಪಿಗೆ ಕಠಿಣ ಶಿಕ್ಷೆ ವಿಧಿಸಬೇಕೆಂದು ಸಾರ್ವಜನಿಕರು ಆಗ್ರಹಿಸಿದ್ದಾರೆ. ಪ್ರಕರಣದ ಹಿನ್ನೆಲೆಯಲ್ಲಿ ವೈದ್ಯಕೀಯ ಪ್ರವೇಶ ಪ್ರಕ್ರಿಯೆಯಲ್ಲಿ ದಾಖಲೆ ಪರಿಶೀಲನೆ ಬಿಗಿಗೊಳಿಸಲು ಸೂಚಿಸಲಾಗಿದೆ.

ಸ್ನೇಹಿತನ ಹೆಸರು ಮತ್ತು ಜಾತಿ ಪ್ರಮಾಣ ಪತ್ರವನ್ನು ನಕಲಿಯಾಗಿ ಬಳಸಿ ಸರ್ಕಾರಿ ಕೋಟಾದಲ್ಲಿ ವೈದ್ಯಕೀಯ ಸೀಟು ಪಡೆದು ವೈದ್ಯನಾಗಿ ಕಾರ್ಯನಿರ್ವಹಿಸುತ್ತಿದ್ದ ವ್ಯಕ್ತಿಯನ್ನು ಪೊಲೀಸರು ಬಂಧಿಸಿದ್ದಾರೆ. ಆರೋಪಿ ಹಲವು ವರ್ಷಗಳಿಂದ ಖಾಸಗಿ ಆಸ್ಪತ್ರೆಯಲ್ಲಿ ವೈದ್ಯನಾಗಿ ಕೆಲಸ ಮಾಡುತ್ತಿದ್ದ. ಮೂಲ ವ್ಯಕ್ತಿ ದಾಖಲೆ ಪರಿಶೀಲನೆಗೆ ಬಂದಾಗ ವಂಚನೆ ಬೆಳಕಿಗೆ ಬಂದಿದೆ. ಪ್ರಕರಣ ದಾಖಲಿಸಿಕೊಂಡ ಪೊಲೀಸರು ತನಿಖೆ ಮುಂದುವರಿಸಿದ್ದಾರೆ. ಇದೇ ರೀತಿ ಇನ್ನೂ ಹಲವರು ನಕಲಿ ದಾಖಲೆ ಬಳಸಿ ಸೀಟು ಪಡೆದಿರುವ ಶಂಕೆ ವ್ಯಕ್ತವಾಗಿದ್ದು, ಆರೋಗ್ಯ ವಿಶ್ವವಿದ್ಯಾಲಯದಿಂದ ಮಾಹಿತಿ ಪಡೆಯಲಾಗುತ್ತಿದೆ. ವಂಚನೆಗೆ ನೆರವಾದವರ ಪತ್ತೆಗೂ ಕ್ರಮ ಕೈಗೊಳ್ಳಲಾಗಿದೆ. ಆರೋಪಿಯನ್ನು ನ್ಯಾಯಾಲಯಕ್ಕೆ ಹಾಜರುಪಡಿಸಿ ನ್ಯಾಯಾಂಗ ಬಂಧನಕ್ಕೆ ಒಪ್ಪಿಸಲಾಗಿದೆ. ಸಾರ್ವಜನಿಕರ ಜೀವದ ಜೊತೆ ಚೆಲ್ಲಾಟವಾಡಿದ ಆರೋಪಿಗೆ ಕಠಿಣ ಶಿಕ್ಷೆ ವಿಧಿಸಬೇಕೆಂದು ಸಾರ್ವಜನಿಕರು ಆಗ್ರಹಿಸಿದ್ದಾರೆ. ಪ್ರಕರಣದ ಹಿನ್ನೆಲೆಯಲ್ಲಿ ವೈದ್ಯಕೀಯ ಪ್ರವೇಶ

ಸ್ನೇಹಿತನ ಹೆಸರು ಮತ್ತು ಜಾತಿ ಪ್ರಮಾಣ ಪತ್ರವನ್ನು ನಕಲಿಯಾಗಿ ಬಳಸಿ ಸರ್ಕಾರಿ ಕೋಟಾದಲ್ಲಿ ವೈದ್ಯಕೀಯ ಸೀಟು ಪಡೆದು ವೈದ್ಯನಾಗಿ ಕಾರ್ಯನಿರ್ವಹಿಸುತ್ತಿದ್ದ ವ್ಯಕ್ತಿಯನ್ನು ಪೊಲೀಸರು ಬಂಧಿಸಿದ್ದಾರೆ. ಆರೋಪಿ ಹಲವು ವರ್ಷಗಳಿಂದ ಖಾಸಗಿ ಆಸ್ಪತ್ರೆಯಲ್ಲಿ ವೈದ್ಯನಾಗಿ ಕೆಲಸ ಮಾಡುತ್ತಿದ್ದ. ಮೂಲ ವ್ಯಕ್ತಿ ದಾಖಲೆ ಪರಿಶೀಲನೆಗೆ ಬಂದಾಗ ವಂಚನೆ ಬೆಳಕಿಗೆ ಬಂದಿದೆ. ಪ್ರಕರಣ ದಾಖಲಿಸಿಕೊಂಡ ಪೊಲೀಸರು ತನಿಖೆ ಮುಂದುವರಿಸಿದ್ದಾರೆ. ಇದೇ ರೀತಿ ಇನ್ನೂ ಹಲವರು ನಕಲಿ ದಾಖಲೆ ಬಳಸಿ ಸೀಟು ಪಡೆದಿರುವ ಶಂಕೆ ವ್ಯಕ್ತವಾಗಿದ್ದು, ಆರೋಗ್ಯ ವಿಶ್ವವಿದ್ಯಾಲಯದಿಂದ ಮಾಹಿತಿ ಪಡೆಯಲಾಗುತ್ತಿದೆ. ವಂಚನೆಗೆ ನೆರವಾದವರ ಪತ್ತೆಗೂ ಕ್ರಮ ಕೈಗೊಳ್ಳಲಾಗಿದೆ. ಆರೋಪಿಯನ್ನು ನ್ಯಾಯಾಲಯಕ್ಕೆ ಹಾಜರುಪಡಿಸಿ ನ್ಯಾಯಾಂಗ ಬಂಧನಕ್ಕೆ ಒಪ್ಪಿಸಲಾಗಿದೆ. ಸಾರ್ವಜನಿಕರ ಜೀವದ ಜೊತೆ ಚೆಲ್ಲಾಟವಾಡಿದ ಆರೋಪಿಗೆ ಕಠಿಣ ಶಿಕ್ಷೆ ವಿಧಿಸಬೇಕೆಂದು ಸಾರ್ವಜನಿಕರು ಆಗ್ರಹಿಸಿದ್ದಾರೆ. ಪ್ರಕರಣದ ಹಿನ್ನೆಲೆಯಲ್ಲಿ ವೈದ್ಯಕೀಯ ಪ್ರವೇಶ ಪ್ರಕ್ರಿಯೆಯಲ್ಲಿ ದಾಖಲೆ ಪರಿಶೀಲನೆ ಬಿಗಿಗೊಳಿಸಲು ಸೂಚಿಸಲಾಗಿದೆ.
